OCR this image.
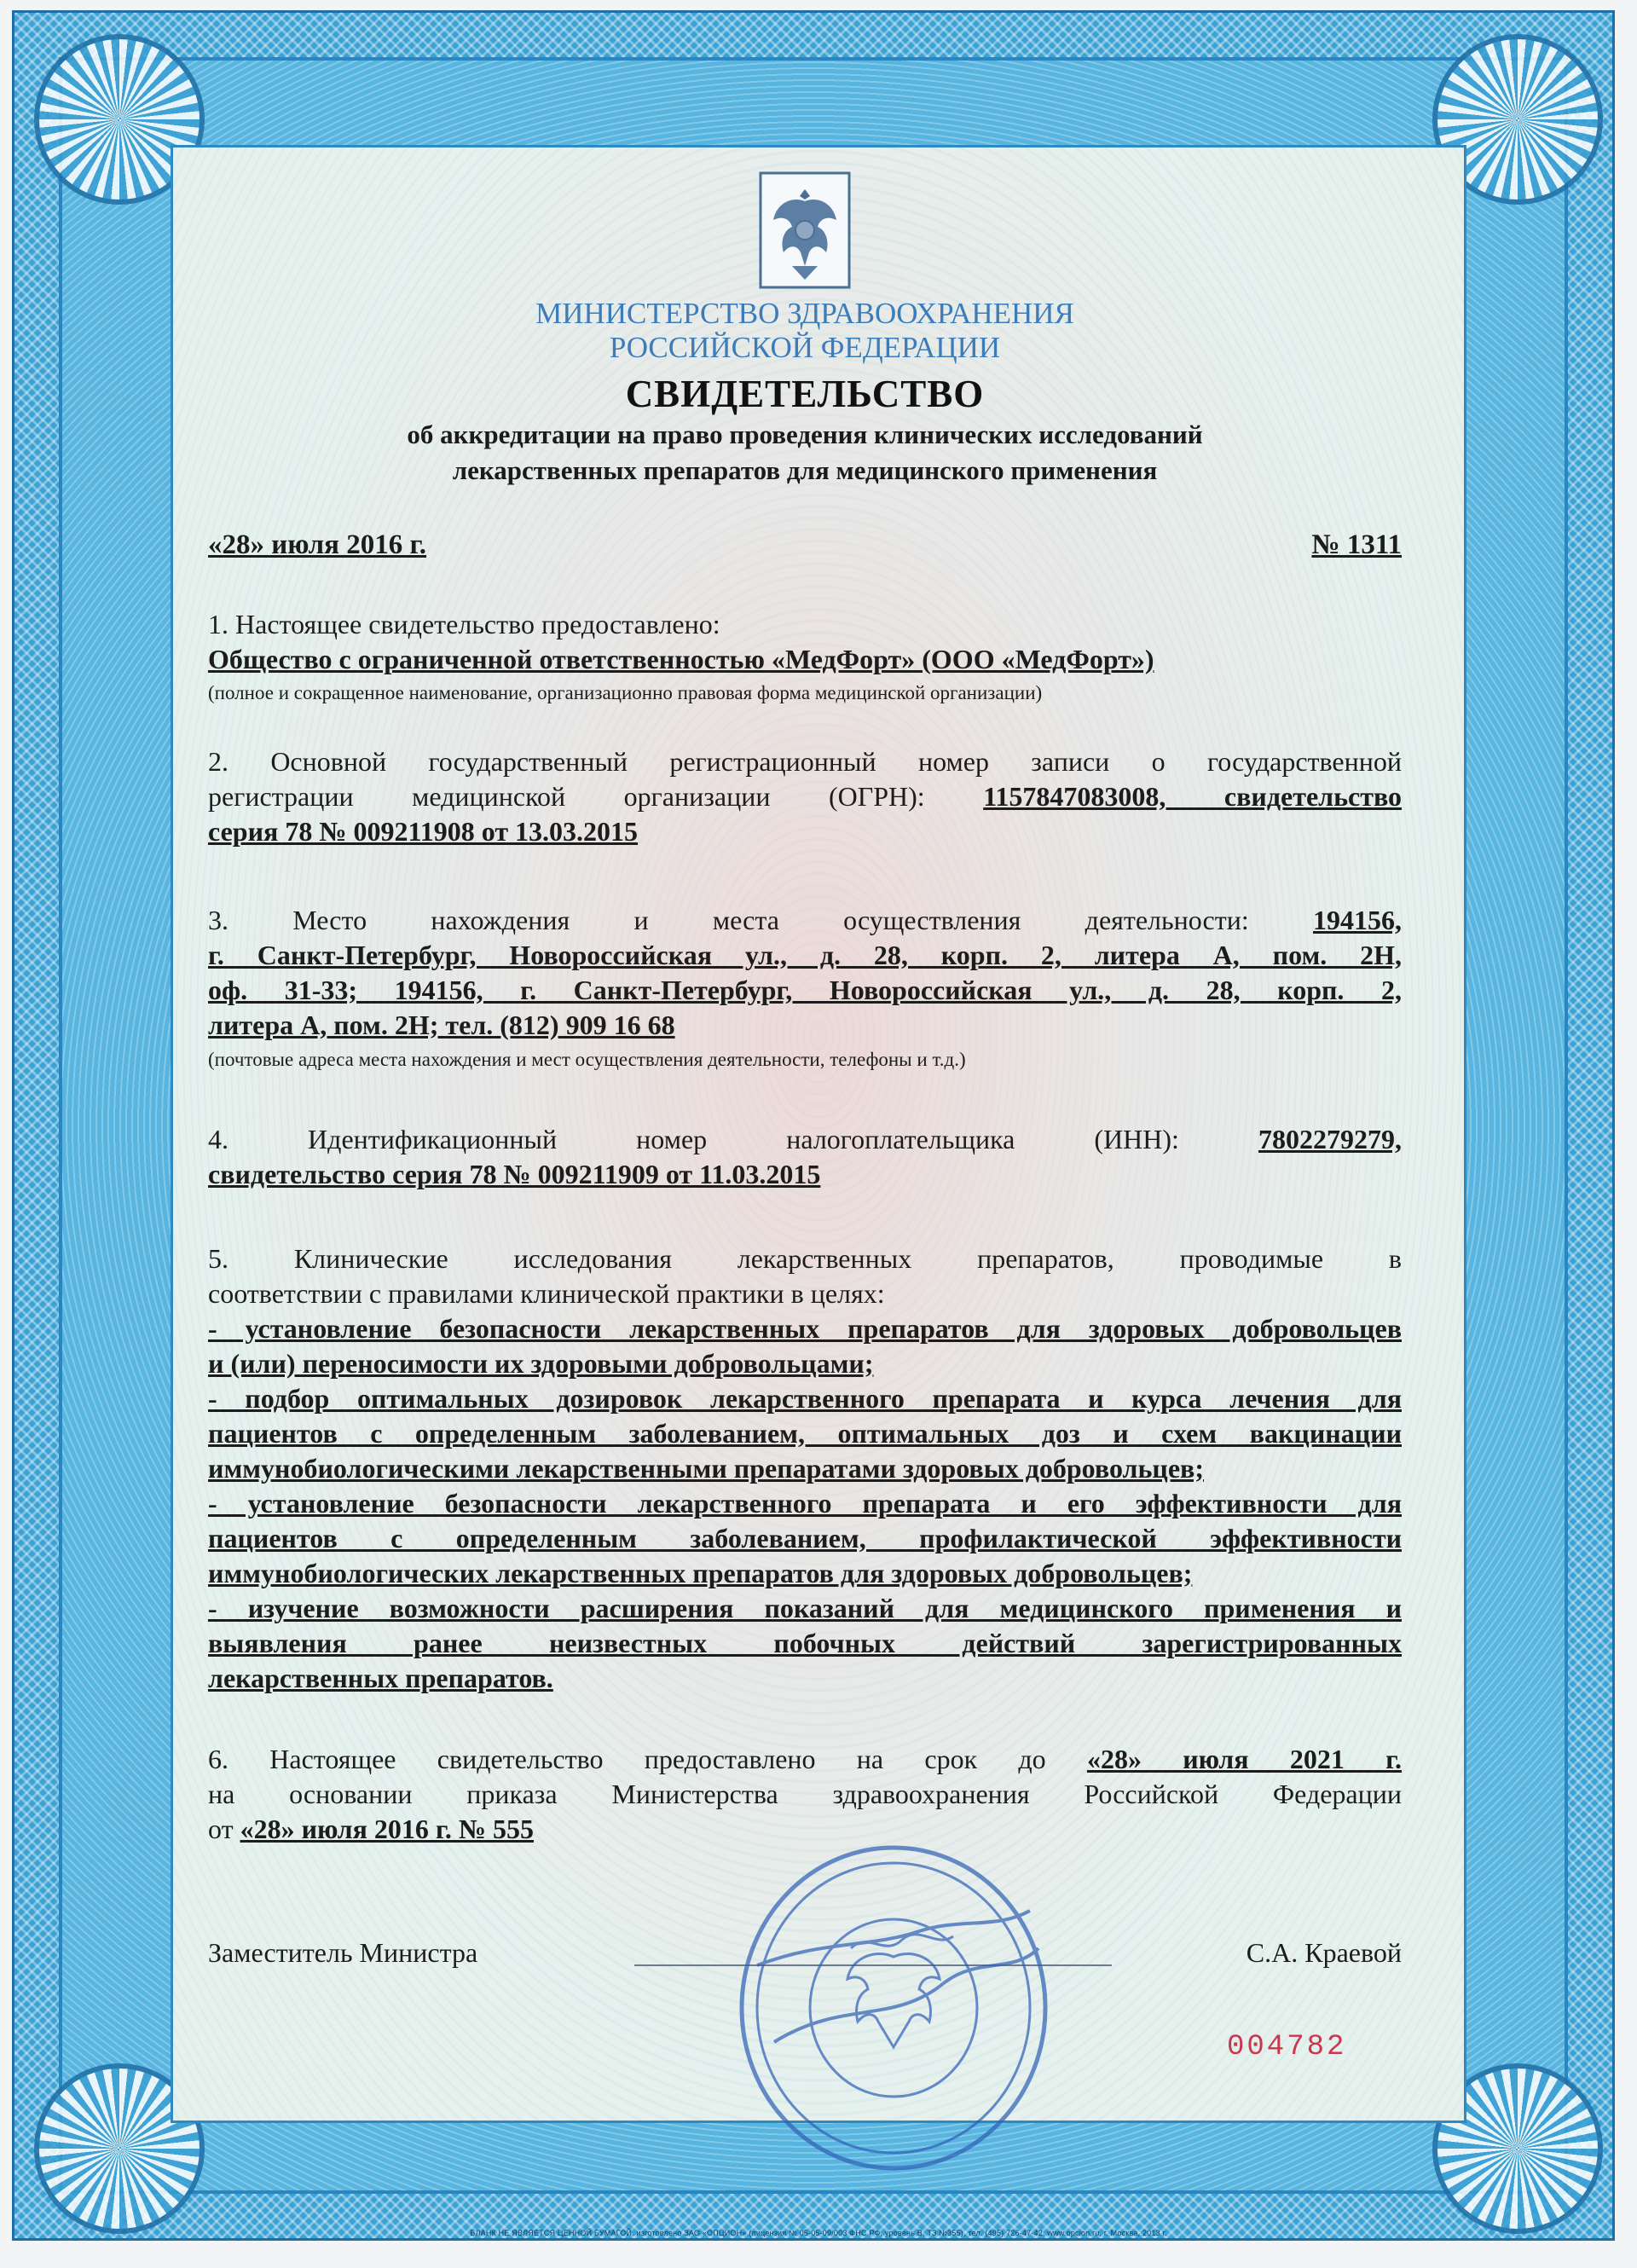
БЛАНК НЕ ЯВЛЯЕТСЯ ЦЕННОЙ БУМАГОЙ. изготовлено ЗАО «ОПЦИОН» (лицензия № 05-05-09/003 ФНС РФ, уровень В, ТЗ №355), тел. (495) 726-47-42, www.opcion.ru, г. Москва, 2013 г.
МИНИСТЕРСТВО ЗДРАВООХРАНЕНИЯ
РОССИЙСКОЙ ФЕДЕРАЦИИ
СВИДЕТЕЛЬСТВО
об аккредитации на право проведения клинических исследований
лекарственных препаратов для медицинского применения
«28» июля 2016 г.	№ 1311
1. Настоящее свидетельство предоставлено:
Общество с ограниченной ответственностью «МедФорт» (ООО «МедФорт»)
(полное и сокращенное наименование, организационно правовая форма медицинской организации)
2. Основной государственный регистрационный номер записи о государственной
регистрации медицинской организации (ОГРН): 1157847083008, свидетельство
серия 78 № 009211908 от 13.03.2015
3. Место нахождения и места осуществления деятельности: 194156,
г. Санкт-Петербург, Новороссийская ул., д. 28, корп. 2, литера А, пом. 2Н,
оф. 31-33; 194156, г. Санкт-Петербург, Новороссийская ул., д. 28, корп. 2,
литера А, пом. 2Н; тел. (812) 909 16 68
(почтовые адреса места нахождения и мест осуществления деятельности, телефоны и т.д.)
4. Идентификационный номер налогоплательщика (ИНН): 7802279279,
свидетельство серия 78 № 009211909 от 11.03.2015
5. Клинические исследования лекарственных препаратов, проводимые в
соответствии с правилами клинической практики в целях:
- установление безопасности лекарственных препаратов для здоровых добровольцев
и (или) переносимости их здоровыми добровольцами;
- подбор оптимальных дозировок лекарственного препарата и курса лечения для
пациентов с определенным заболеванием, оптимальных доз и схем вакцинации
иммунобиологическими лекарственными препаратами здоровых добровольцев;
- установление безопасности лекарственного препарата и его эффективности для
пациентов с определенным заболеванием, профилактической эффективности
иммунобиологических лекарственных препаратов для здоровых добровольцев;
- изучение возможности расширения показаний для медицинского применения и
выявления ранее неизвестных побочных действий зарегистрированных
лекарственных препаратов.
6. Настоящее свидетельство предоставлено на срок до «28» июля 2021 г.
на основании приказа Министерства здравоохранения Российской Федерации
от «28» июля 2016 г. № 555
Заместитель Министра	С.А. Краевой
004782
